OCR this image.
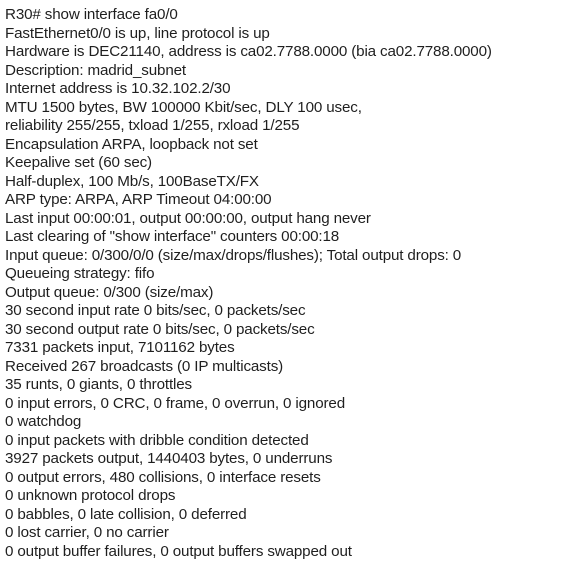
R30# show interface fa0/0
FastEthernet0/0 is up, line protocol is up
Hardware is DEC21140, address is ca02.7788.0000 (bia ca02.7788.0000)
Description: madrid_subnet
Internet address is 10.32.102.2/30
MTU 1500 bytes, BW 100000 Kbit/sec, DLY 100 usec,
reliability 255/255, txload 1/255, rxload 1/255
Encapsulation ARPA, loopback not set
Keepalive set (60 sec)
Half-duplex, 100 Mb/s, 100BaseTX/FX
ARP type: ARPA, ARP Timeout 04:00:00
Last input 00:00:01, output 00:00:00, output hang never
Last clearing of "show interface" counters 00:00:18
Input queue: 0/300/0/0 (size/max/drops/flushes); Total output drops: 0
Queueing strategy: fifo
Output queue: 0/300 (size/max)
30 second input rate 0 bits/sec, 0 packets/sec
30 second output rate 0 bits/sec, 0 packets/sec
7331 packets input, 7101162 bytes
Received 267 broadcasts (0 IP multicasts)
35 runts, 0 giants, 0 throttles
0 input errors, 0 CRC, 0 frame, 0 overrun, 0 ignored
0 watchdog
0 input packets with dribble condition detected
3927 packets output, 1440403 bytes, 0 underruns
0 output errors, 480 collisions, 0 interface resets
0 unknown protocol drops
0 babbles, 0 late collision, 0 deferred
0 lost carrier, 0 no carrier
0 output buffer failures, 0 output buffers swapped out
